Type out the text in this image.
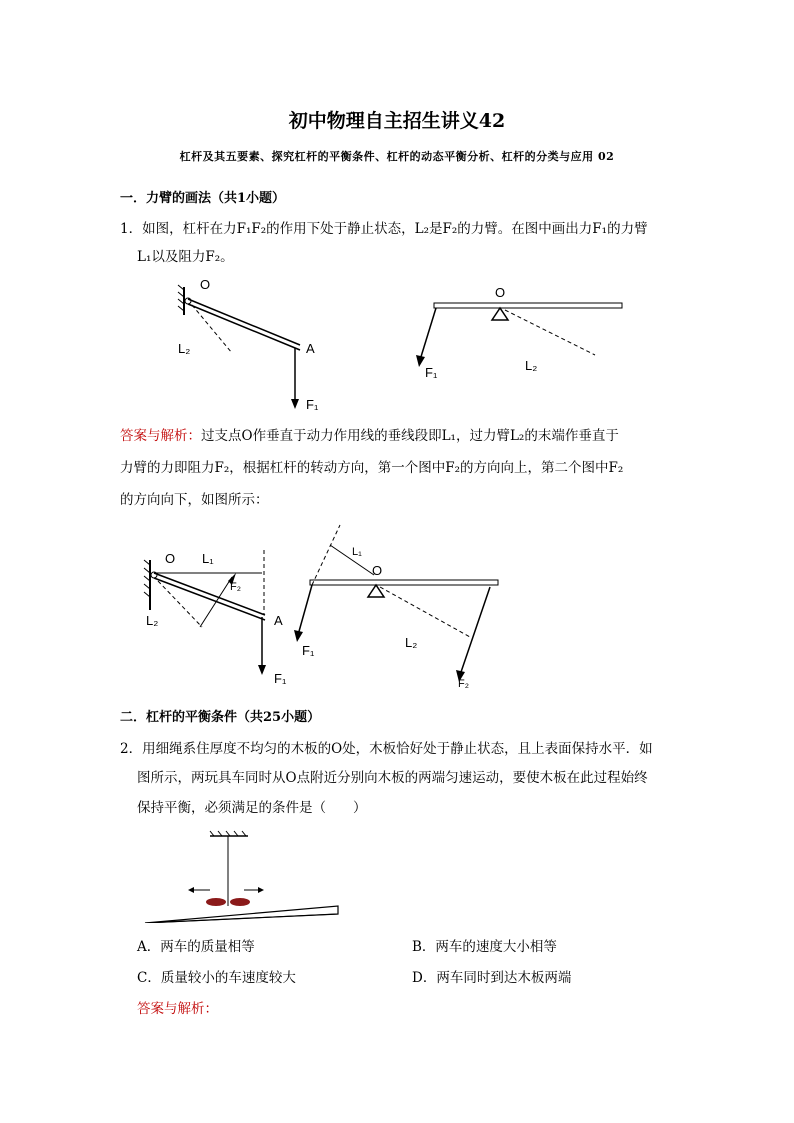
初中物理自主招生讲义42
杠杆及其五要素、探究杠杆的平衡条件、杠杆的动态平衡分析、杠杆的分类与应用 02
一．力臂的画法（共1小题）
1．如图，杠杆在力F₁F₂的作用下处于静止状态，L₂是F₂的力臂。在图中画出力F₁的力臂
L₁以及阻力F₂。
O
A
F₁
L₂
O
F₁	L₂
答案与解析：过支点O作垂直于动力作用线的垂线段即L₁，过力臂L₂的末端作垂直于
力臂的力即阻力F₂，根据杠杆的转动方向，第一个图中F₂的方向向上，第二个图中F₂
的方向向下，如图所示：
O L₁
F₂
L₂	A
F₁
O
L₁
F₁
L₂
F₂
二．杠杆的平衡条件（共25小题）
2．用细绳系住厚度不均匀的木板的O处，木板恰好处于静止状态，且上表面保持水平．如
图所示，两玩具车同时从O点附近分别向木板的两端匀速运动，要使木板在此过程始终
保持平衡，必须满足的条件是（　　）
A．两车的质量相等	B．两车的速度大小相等
C．质量较小的车速度较大	D．两车同时到达木板两端
答案与解析：
